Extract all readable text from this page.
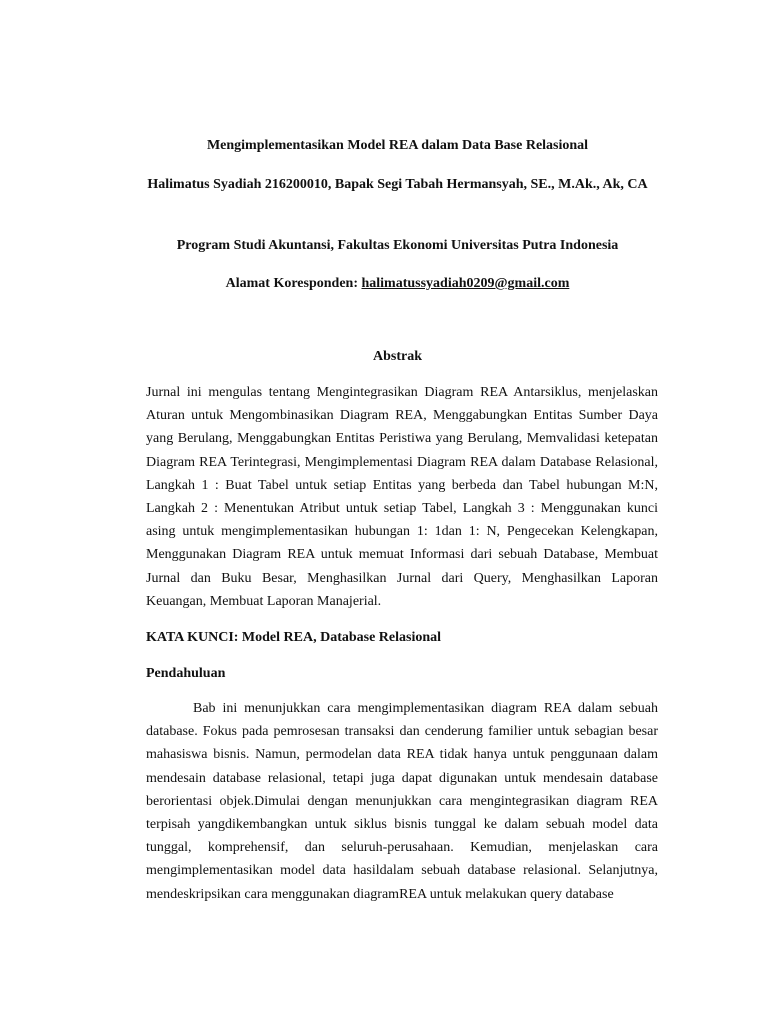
Mengimplementasikan Model REA dalam Data Base Relasional

Halimatus Syadiah 216200010, Bapak Segi Tabah Hermansyah, SE., M.Ak., Ak, CA

Program Studi Akuntansi, Fakultas Ekonomi Universitas Putra Indonesia

Alamat Koresponden: halimatussyadiah0209@gmail.com

Abstrak

Jurnal ini mengulas tentang Mengintegrasikan Diagram REA Antarsiklus, menjelaskan Aturan untuk Mengombinasikan Diagram REA, Menggabungkan Entitas Sumber Daya yang Berulang, Menggabungkan Entitas Peristiwa yang Berulang, Memvalidasi ketepatan Diagram REA Terintegrasi, Mengimplementasi Diagram REA dalam Database Relasional, Langkah 1 : Buat Tabel untuk setiap Entitas yang berbeda dan Tabel hubungan M:N, Langkah 2 : Menentukan Atribut untuk setiap Tabel, Langkah 3 : Menggunakan kunci asing untuk mengimplementasikan hubungan 1: 1dan 1: N, Pengecekan Kelengkapan, Menggunakan Diagram REA untuk memuat Informasi dari sebuah Database, Membuat Jurnal dan Buku Besar, Menghasilkan Jurnal dari Query, Menghasilkan Laporan Keuangan, Membuat Laporan Manajerial.

KATA KUNCI: Model REA, Database Relasional

Pendahuluan

Bab ini menunjukkan cara mengimplementasikan diagram REA dalam sebuah database. Fokus pada pemrosesan transaksi dan cenderung familier untuk sebagian besar mahasiswa bisnis. Namun, permodelan data REA tidak hanya untuk penggunaan dalam mendesain database relasional, tetapi juga dapat digunakan untuk mendesain database berorientasi objek.Dimulai dengan menunjukkan cara mengintegrasikan diagram REA terpisah yangdikembangkan untuk siklus bisnis tunggal ke dalam sebuah model data tunggal, komprehensif, dan seluruh-perusahaan. Kemudian, menjelaskan cara mengimplementasikan model data hasildalam sebuah database relasional. Selanjutnya, mendeskripsikan cara menggunakan diagramREA untuk melakukan query database
